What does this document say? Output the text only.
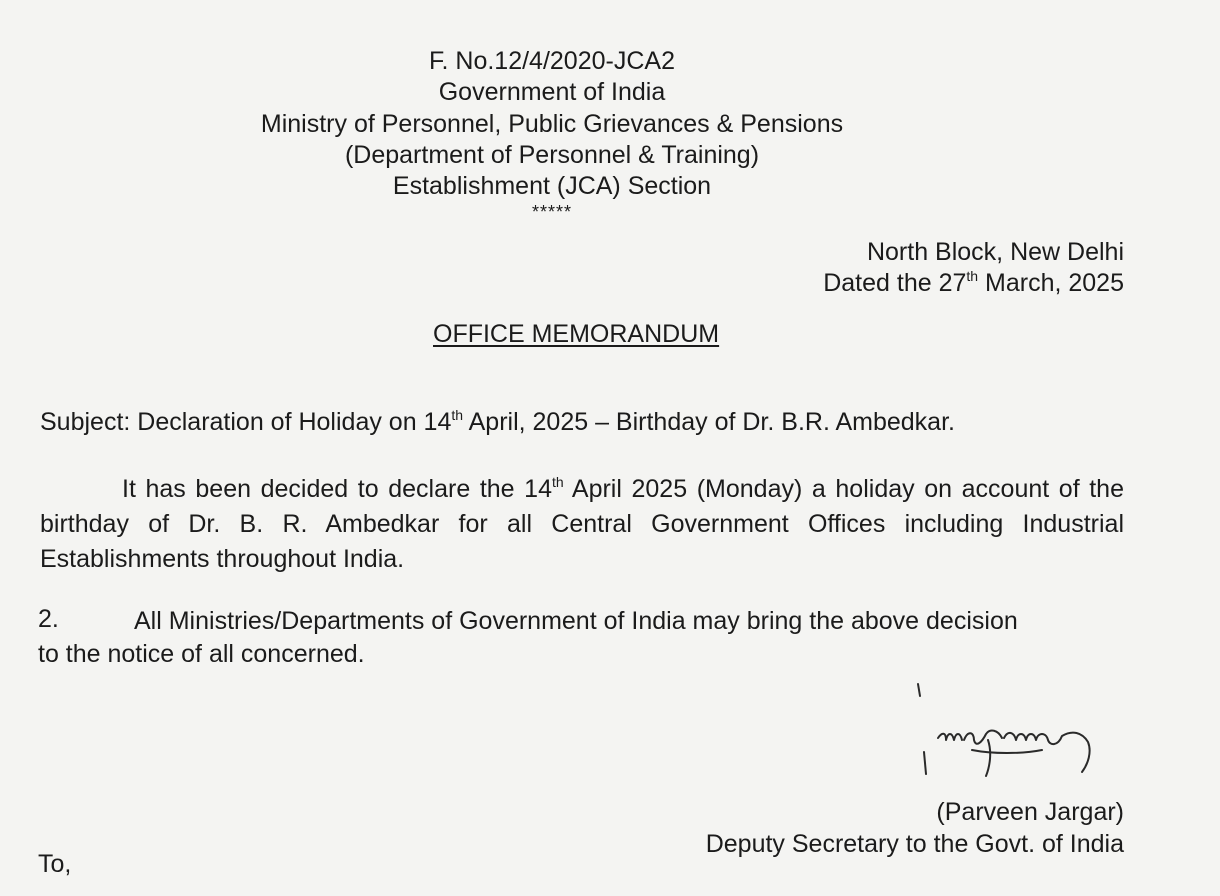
F. No.12/4/2020-JCA2
Government of India
Ministry of Personnel, Public Grievances & Pensions
(Department of Personnel & Training)
Establishment (JCA) Section
*****
North Block, New Delhi
Dated the 27th March, 2025
OFFICE MEMORANDUM
Subject: Declaration of Holiday on 14th April, 2025 – Birthday of Dr. B.R. Ambedkar.
It has been decided to declare the 14th April 2025 (Monday) a holiday on account of the birthday of Dr. B. R. Ambedkar for all Central Government Offices including Industrial Establishments throughout India.
2.	All Ministries/Departments of Government of India may bring the above decision
to the notice of all concerned.
(Parveen Jargar)
Deputy Secretary to the Govt. of India
To,
